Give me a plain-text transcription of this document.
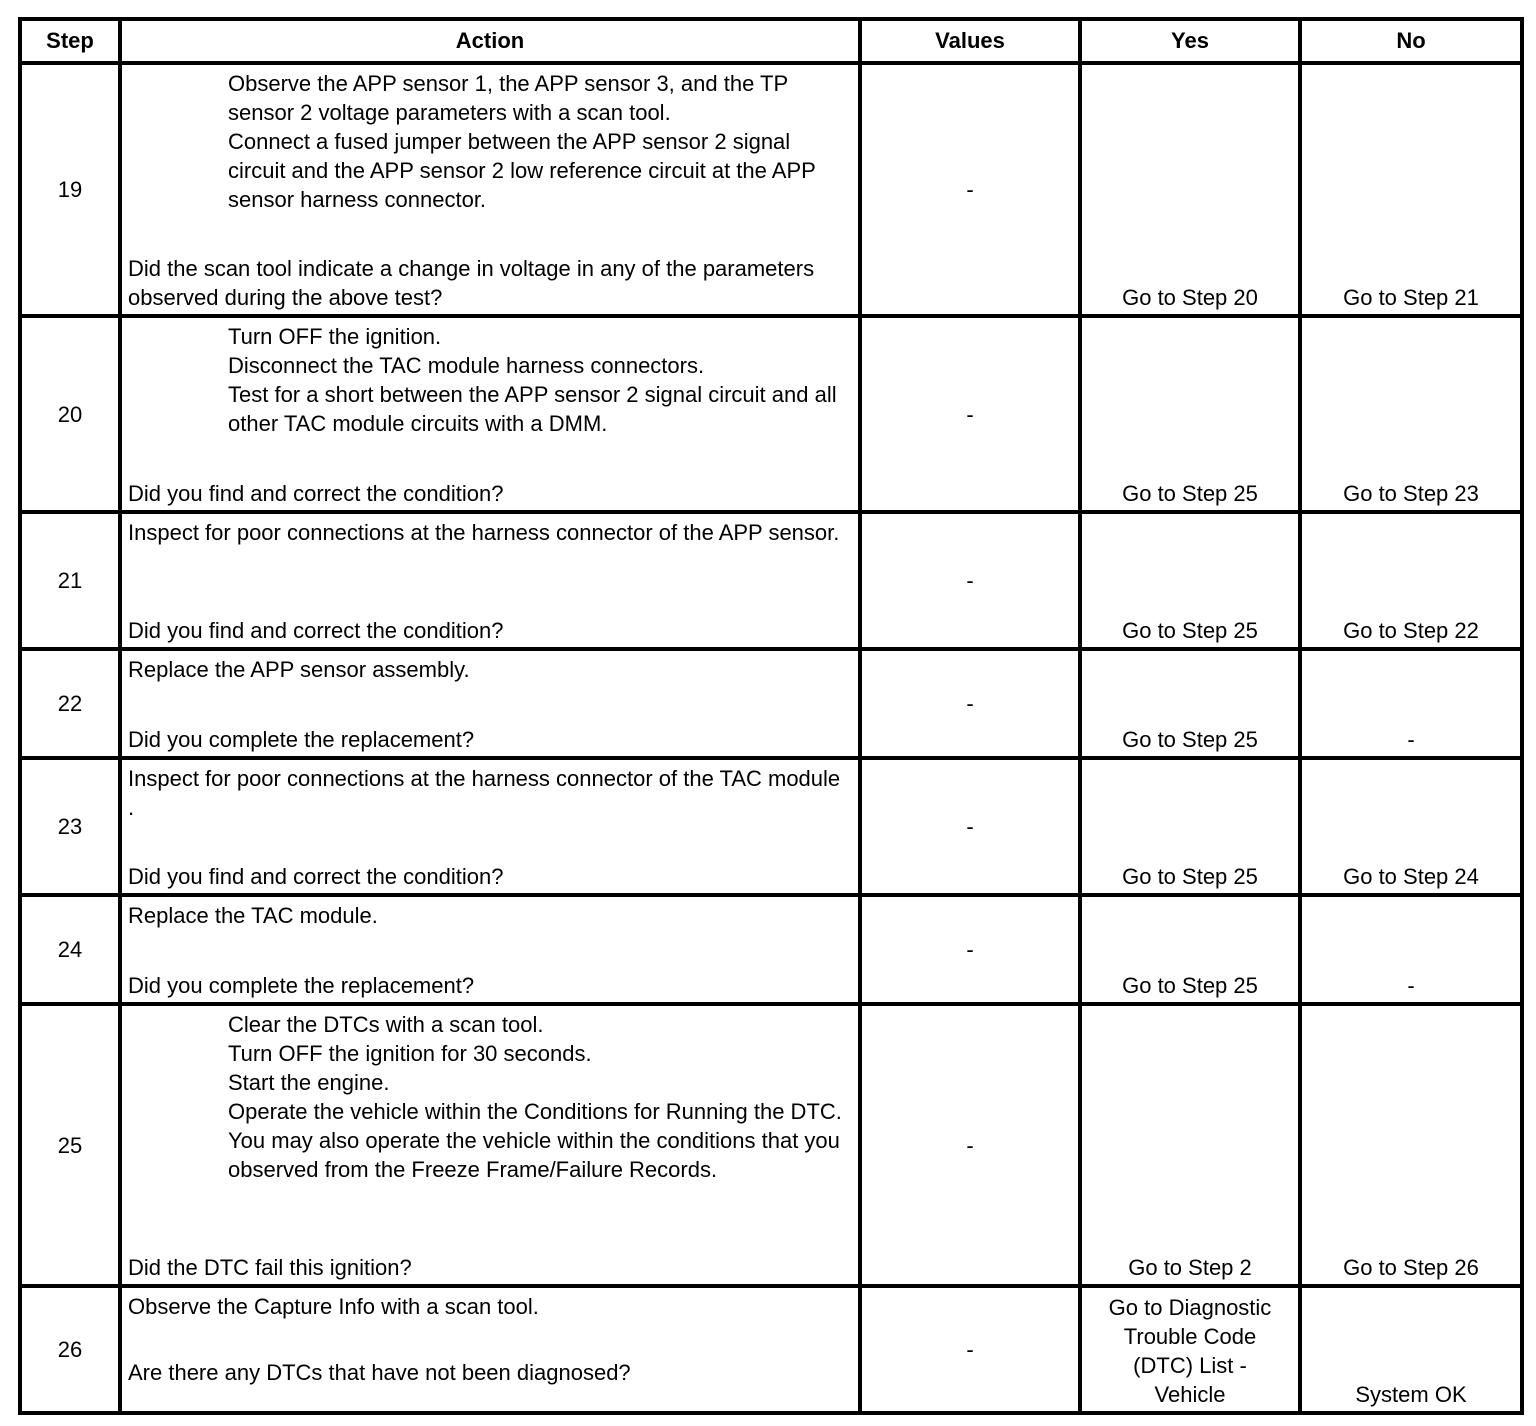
Step	Action	Values	Yes	No
19	Observe the APP sensor 1, the APP sensor 3, and the TP sensor 2 voltage parameters with a scan tool.
Connect a fused jumper between the APP sensor 2 signal circuit and the APP sensor 2 low reference circuit at the APP sensor harness connector.
Did the scan tool indicate a change in voltage in any of the parameters observed during the above test?	-	Go to Step 20	Go to Step 21
20	Turn OFF the ignition.
Disconnect the TAC module harness connectors.
Test for a short between the APP sensor 2 signal circuit and all other TAC module circuits with a DMM.
Did you find and correct the condition?	-	Go to Step 25	Go to Step 23
21	Inspect for poor connections at the harness connector of the APP sensor.
Did you find and correct the condition?	-	Go to Step 25	Go to Step 22
22	Replace the APP sensor assembly.
Did you complete the replacement?	-	Go to Step 25	-
23	Inspect for poor connections at the harness connector of the TAC module .
Did you find and correct the condition?	-	Go to Step 25	Go to Step 24
24	Replace the TAC module.
Did you complete the replacement?	-	Go to Step 25	-
25	Clear the DTCs with a scan tool.
Turn OFF the ignition for 30 seconds.
Start the engine.
Operate the vehicle within the Conditions for Running the DTC. You may also operate the vehicle within the conditions that you observed from the Freeze Frame/Failure Records.
Did the DTC fail this ignition?	-	Go to Step 2	Go to Step 26
26	Observe the Capture Info with a scan tool.
Are there any DTCs that have not been diagnosed?	-	Go to Diagnostic Trouble Code (DTC) List - Vehicle	System OK
